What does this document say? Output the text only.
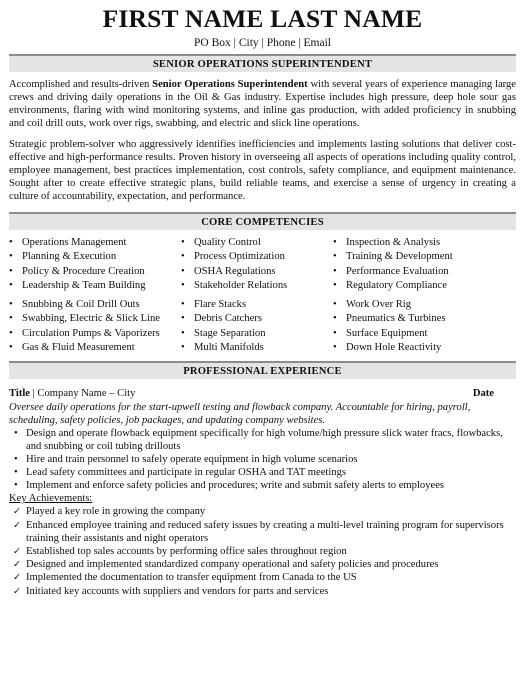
FIRST NAME LAST NAME
PO Box | City | Phone | Email
SENIOR OPERATIONS SUPERINTENDENT

Accomplished and results-driven Senior Operations Superintendent with several years of experience managing large crews and driving daily operations in the Oil & Gas industry. Expertise includes high pressure, deep hole sour gas environments, flaring with wind monitoring systems, and inline gas production, with added proficiency in snubbing and coil drill outs, work over rigs, swabbing, and electric and slick line operations.

Strategic problem-solver who aggressively identifies inefficiencies and implements lasting solutions that deliver cost-effective and high-performance results. Proven history in overseeing all aspects of operations including quality control, employee management, best practices implementation, cost controls, safety compliance, and equipment maintenance. Sought after to create effective strategic plans, build reliable teams, and exercise a sense of urgency in creating a culture of accountability, expectation, and performance.

CORE COMPETENCIES
• Operations Management
• Planning & Execution
• Policy & Procedure Creation
• Leadership & Team Building
• Snubbing & Coil Drill Outs
• Swabbing, Electric & Slick Line
• Circulation Pumps & Vaporizers
• Gas & Fluid Measurement
• Quality Control
• Process Optimization
• OSHA Regulations
• Stakeholder Relations
• Flare Stacks
• Debris Catchers
• Stage Separation
• Multi Manifolds
• Inspection & Analysis
• Training & Development
• Performance Evaluation
• Regulatory Compliance
• Work Over Rig
• Pneumatics & Turbines
• Surface Equipment
• Down Hole Reactivity
PROFESSIONAL EXPERIENCE
Title | Company Name – City	Date
Oversee daily operations for the start-upwell testing and flowback company. Accountable for hiring, payroll, scheduling, safety policies, job packages, and updating company websites.
• Design and operate flowback equipment specifically for high volume/high pressure slick water fracs, flowbacks, and snubbing or coil tubing drillouts
• Hire and train personnel to safely operate equipment in high volume scenarios
• Lead safety committees and participate in regular OSHA and TAT meetings
• Implement and enforce safety policies and procedures; write and submit safety alerts to employees
Key Achievements:
✓ Played a key role in growing the company
✓ Enhanced employee training and reduced safety issues by creating a multi-level training program for supervisors training their assistants and night operators
✓ Established top sales accounts by performing office sales throughout region
✓ Designed and implemented standardized company operational and safety policies and procedures
✓ Implemented the documentation to transfer equipment from Canada to the US
✓ Initiated key accounts with suppliers and vendors for parts and services
